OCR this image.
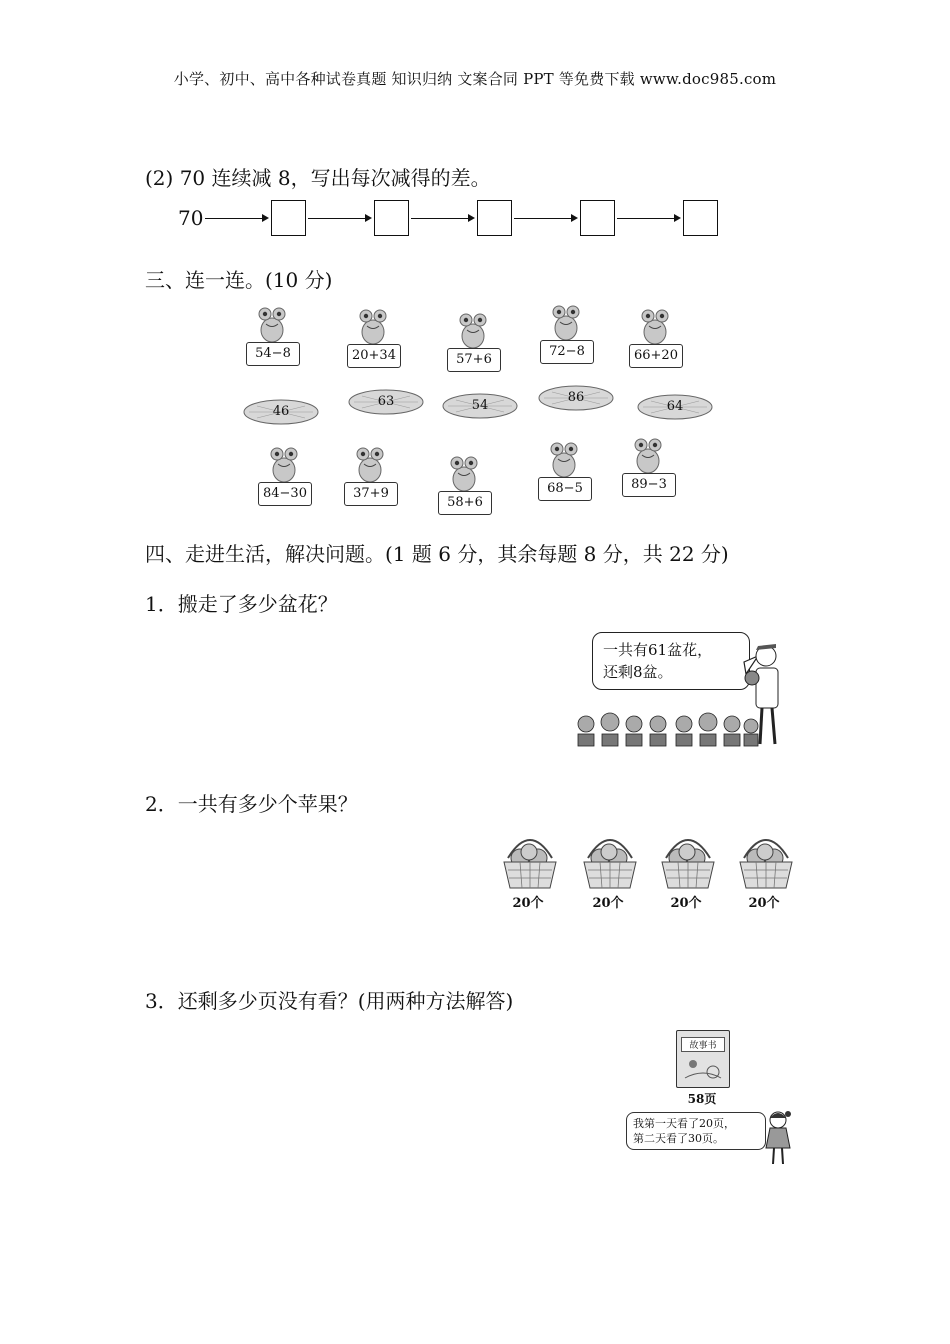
小学、初中、高中各种试卷真题 知识归纳 文案合同 PPT 等免费下载 www.doc985.com
(2) 70 连续减 8，写出每次减得的差。
70
三、连一连。(10 分)
54−8	20+34	57+6
72−8	66+20
46
63	54
86
64
84−30	37+9
58+6
68−5	89−3
四、走进生活，解决问题。(1 题 6 分，其余每题 8 分，共 22 分)
1．搬走了多少盆花？
一共有61盆花，
还剩8盆。
2．一共有多少个苹果？
20个	20个	20个	20个
3．还剩多少页没有看？(用两种方法解答)
故事书
58页
我第一天看了20页，
第二天看了30页。
